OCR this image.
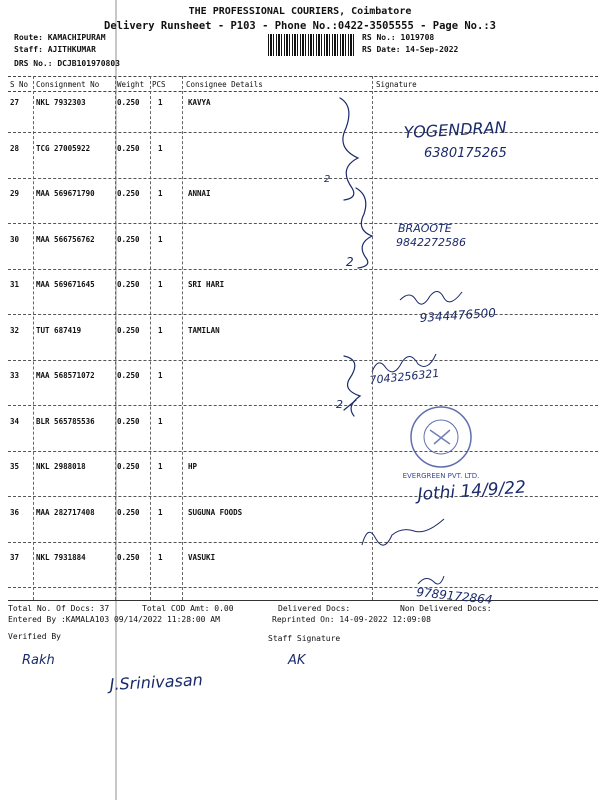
THE PROFESSIONAL COURIERS, Coimbatore
Delivery Runsheet - P103 - Phone No.:0422-3505555 - Page No.:3
Route: KAMACHIPURAM
Staff: AJITHKUMAR
DRS No.: DCJB101970803
RS No.: 1019708
RS Date: 14-Sep-2022
S No Consignment No Weight PCS	Consignee Details	Signature
27 NKL 7932303	0.250 1	KAVYA
28 TCG 27005922	0.250 1
29 MAA 569671790	0.250 1	ANNAI
30 MAA 566756762	0.250 1
31 MAA 569671645	0.250 1	SRI HARI
32 TUT 687419	0.250 1	TAMILAN
33 MAA 568571072	0.250 1
34 BLR 565785536	0.250 1
35 NKL 2988018	0.250 1	HP
36 MAA 282717408	0.250 1	SUGUNA FOODS
37 NKL 7931884	0.250 1	VASUKI
Total No. Of Docs: 37	Total COD Amt: 0.00	Delivered Docs:	Non Delivered Docs:
Entered By :KAMALA103 09/14/2022 11:28:00 AM	Reprinted On: 14-09-2022 12:09:08
Verified By	Staff Signature
YOGENDRAN
6380175265
2
BRAOOTE
9842272586
2
9344476500
7043256321
2
Jothi 14/9/22
9789172864
Rakh	AK
J.Srinivasan
EVERGREEN PVT. LTD.
